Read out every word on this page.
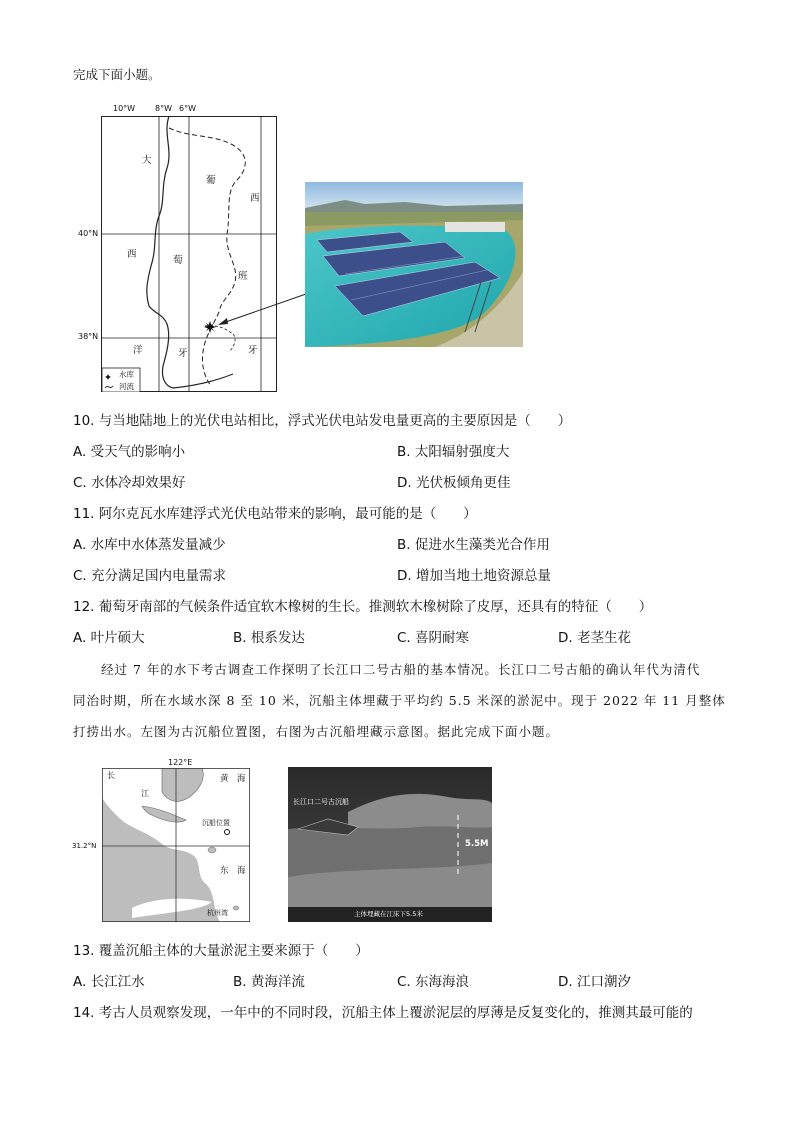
完成下面小题。
10°W 8°W 6°W
40°N
38°N
大
西
萄
洋
葡
西
班
牙	牙
水库
河流
10. 与当地陆地上的光伏电站相比，浮式光伏电站发电量更高的主要原因是（　　）
A. 受天气的影响小	B. 太阳辐射强度大
C. 水体冷却效果好	D. 光伏板倾角更佳
11. 阿尔克瓦水库建浮式光伏电站带来的影响，最可能的是（　　）
A. 水库中水体蒸发量减少	B. 促进水生藻类光合作用
C. 充分满足国内电量需求	D. 增加当地土地资源总量
12. 葡萄牙南部的气候条件适宜软木橡树的生长。推测软木橡树除了皮厚，还具有的特征（　　）
A. 叶片硕大	B. 根系发达	C. 喜阴耐寒	D. 老茎生花
经过 7 年的水下考古调查工作探明了长江口二号古船的基本情况。长江口二号古船的确认年代为清代
同治时期，所在水域水深 8 至 10 米，沉船主体埋藏于平均约 5.5 米深的淤泥中。现于 2022 年 11 月整体
打捞出水。左图为古沉船位置图，右图为古沉船埋藏示意图。据此完成下面小题。
122°E
31.2°N
长
江
黄　海
沉船位置
东　海
杭州湾
长江口二号古沉船
5.5M
主体埋藏在江床下5.5米
13. 覆盖沉船主体的大量淤泥主要来源于（　　）
A. 长江江水	B. 黄海洋流	C. 东海海浪	D. 江口潮汐
14. 考古人员观察发现，一年中的不同时段，沉船主体上覆淤泥层的厚薄是反复变化的，推测其最可能的
